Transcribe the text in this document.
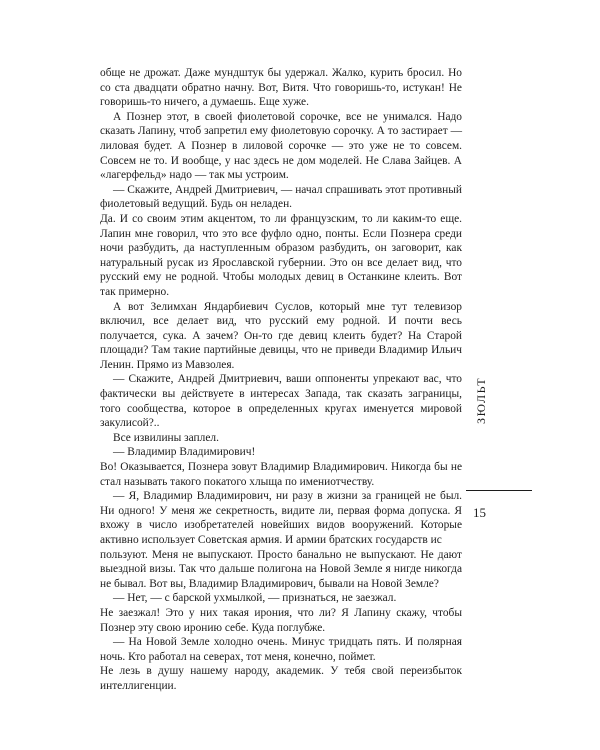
обще не дрожат. Даже мундштук бы удержал. Жалко, курить бросил. Но со ста двадцати обратно начну. Вот, Витя. Что говоришь-то, истукан! Не говоришь-то ничего, а думаешь. Еще хуже.

А Познер этот, в своей фиолетовой сорочке, все не унимался. Надо сказать Лапину, чтоб запретил ему фиолетовую сорочку. А то застирает — лиловая будет. А Познер в лиловой сорочке — это уже не то совсем. Совсем не то. И вообще, у нас здесь не дом моделей. Не Слава Зайцев. А «лагерфельд» надо — так мы устроим.

— Скажите, Андрей Дмитриевич, — начал спрашивать этот противный фиолетовый ведущий. Будь он неладен.

Да. И со своим этим акцентом, то ли французским, то ли каким-то еще. Лапин мне говорил, что это все фуфло одно, понты. Если Познера среди ночи разбудить, да наступленным образом разбудить, он заговорит, как натуральный русак из Ярославской губернии. Это он все делает вид, что русский ему не родной. Чтобы молодых девиц в Останкине клеить. Вот так примерно.

А вот Зелимхан Яндарбиевич Суслов, который мне тут телевизор включил, все делает вид, что русский ему родной. И почти весь получается, сука. А зачем? Он-то где девиц клеить будет? На Старой площади? Там такие партийные девицы, что не приведи Владимир Ильич Ленин. Прямо из Мавзолея.

— Скажите, Андрей Дмитриевич, ваши оппоненты упрекают вас, что фактически вы действуете в интересах Запада, так сказать заграницы, того сообщества, которое в определенных кругах именуется мировой закулисой?..

Все извилины заплел.

— Владимир Владимирович!

Во! Оказывается, Познера зовут Владимир Владимирович. Никогда бы не стал называть такого покатого хлыща по имениотчеству.

— Я, Владимир Владимирович, ни разу в жизни за границей не был. Ни одного! У меня же секретность, видите ли, первая форма допуска. Я вхожу в число изобретателей новейших видов вооружений. Которые активно использует Советская армия. И армии братских государств ис

пользуют. Меня не выпускают. Просто банально не выпускают. Не дают выездной визы. Так что дальше полигона на Новой Земле я нигде никогда не бывал. Вот вы, Владимир Владимирович, бывали на Новой Земле?

— Нет, — с барской ухмылкой, — признаться, не заезжал.

Не заезжал! Это у них такая ирония, что ли? Я Лапину скажу, чтобы Познер эту свою иронию себе. Куда поглубже.

— На Новой Земле холодно очень. Минус тридцать пять. И полярная ночь. Кто работал на северах, тот меня, конечно, поймет.

Не лезь в душу нашему народу, академик. У тебя свой переизбыток интеллигенции.

ЗЮЛЬТ
15
